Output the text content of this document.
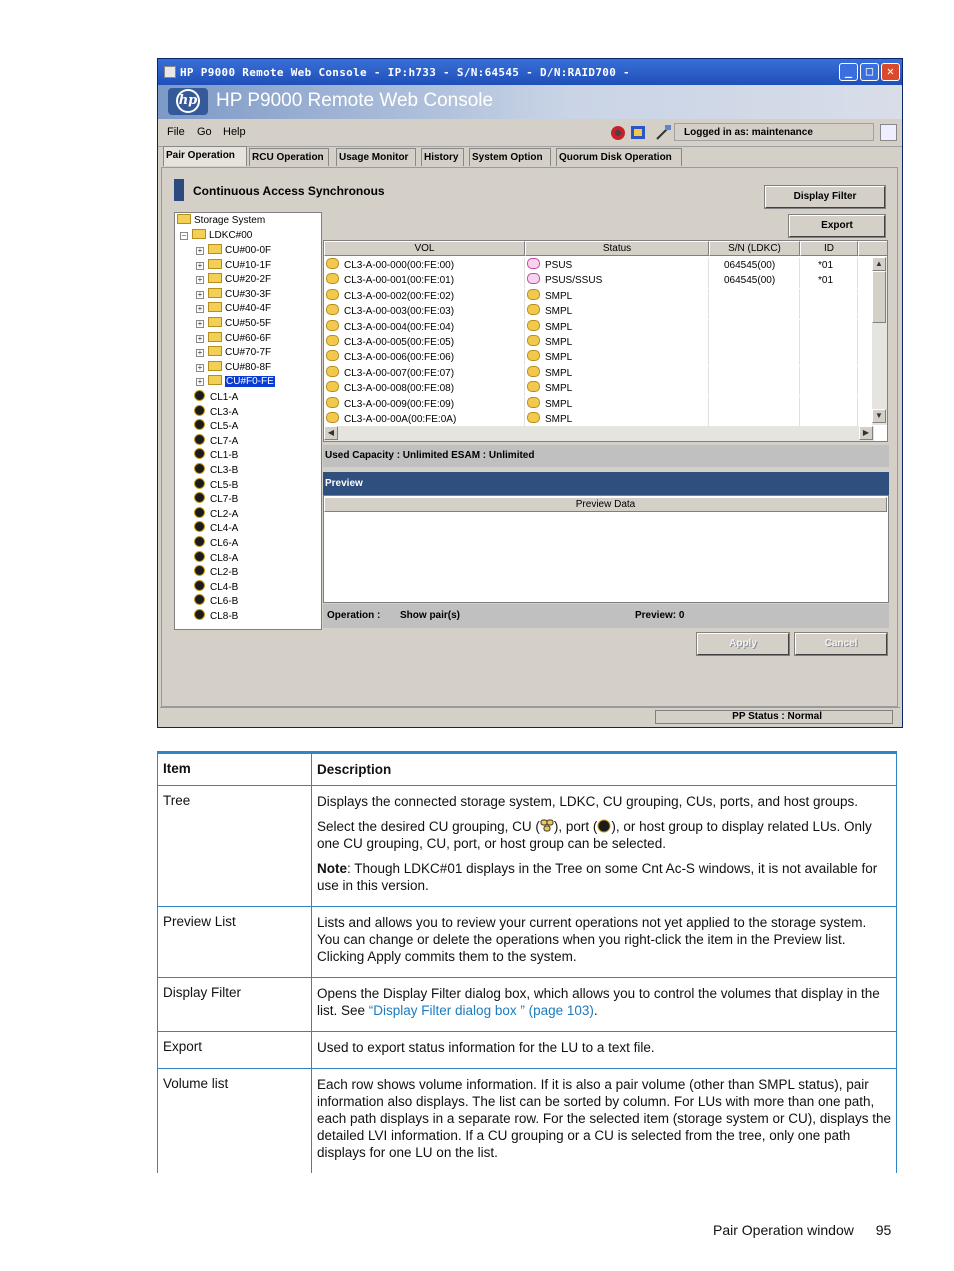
HP P9000 Remote Web Console - IP:h733 - S/N:64545 - D/N:RAID700 -	_	□	✕
hp HP P9000 Remote Web Console
File Go Help	Logged in as: maintenance
Pair Operation	RCU Operation	Usage Monitor	History	System Option	Quorum Disk Operation
Continuous Access Synchronous	Display Filter
Export
Storage System
− LDKC#00
+ CU#00-0F
+ CU#10-1F
+ CU#20-2F
+ CU#30-3F
+ CU#40-4F
+ CU#50-5F
+ CU#60-6F
+ CU#70-7F
+ CU#80-8F
+ CU#F0-FE
CL1-A
CL3-A
CL5-A
CL7-A
CL1-B
CL3-B
CL5-B
CL7-B
CL2-A
CL4-A
CL6-A
CL8-A
CL2-B
CL4-B
CL6-B
CL8-B
VOL	Status	S/N (LDKC)	ID
CL3-A-00-000(00:FE:00)	PSUS	064545(00)	*01
CL3-A-00-001(00:FE:01)	PSUS/SSUS	064545(00)	*01
CL3-A-00-002(00:FE:02)	SMPL
CL3-A-00-003(00:FE:03)	SMPL
CL3-A-00-004(00:FE:04)	SMPL
CL3-A-00-005(00:FE:05)	SMPL
CL3-A-00-006(00:FE:06)	SMPL
CL3-A-00-007(00:FE:07)	SMPL
CL3-A-00-008(00:FE:08)	SMPL
CL3-A-00-009(00:FE:09)	SMPL
CL3-A-00-00A(00:FE:0A)	SMPL
▲
▼
◀	▶
Used Capacity : Unlimited ESAM : Unlimited
Preview
Preview Data
Operation : Show pair(s)	Preview: 0
Apply	Cancel
PP Status : Normal
Item	Description
Tree	Displays the connected storage system, LDKC, CU grouping, CUs, ports, and host groups.

Select the desired CU grouping, CU ( ), port ( ), or host group to display related LUs. Only one CU grouping, CU, port, or host group can be selected.

Note: Though LDKC#01 displays in the Tree on some Cnt Ac-S windows, it is not available for use in this version.

Preview List	Lists and allows you to review your current operations not yet applied to the storage system. You can change or delete the operations when you right-click the item in the Preview list. Clicking Apply commits them to the system.

Display Filter	Opens the Display Filter dialog box, which allows you to control the volumes that display in the list. See “Display Filter dialog box ” (page 103).

Export	Used to export status information for the LU to a text file.

Volume list	Each row shows volume information. If it is also a pair volume (other than SMPL status), pair information also displays. The list can be sorted by column. For LUs with more than one path, each path displays in a separate row. For the selected item (storage system or CU), displays the detailed LVI information. If a CU grouping or a CU is selected from the tree, only one path displays for one LU on the list.

Pair Operation window 95
